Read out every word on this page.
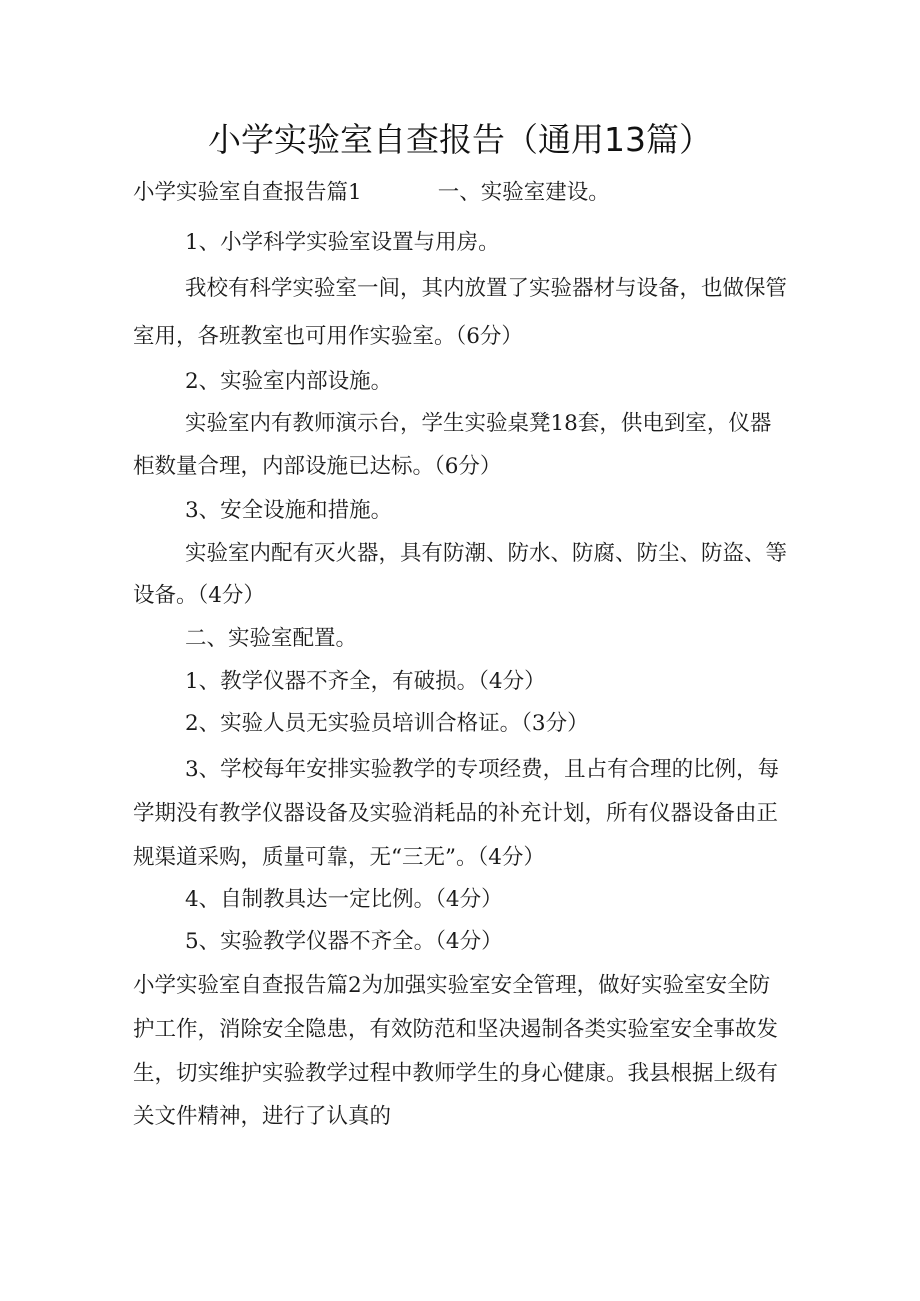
小学实验室自查报告（通用13篇）
小学实验室自查报告篇1	一、实验室建设。
1、小学科学实验室设置与用房。
我校有科学实验室一间，其内放置了实验器材与设备，也做保管
室用，各班教室也可用作实验室。（6分）
2、实验室内部设施。
实验室内有教师演示台，学生实验桌凳18套，供电到室，仪器
柜数量合理，内部设施已达标。（6分）
3、安全设施和措施。
实验室内配有灭火器，具有防潮、防水、防腐、防尘、防盗、等
设备。（4分）
二、实验室配置。
1、教学仪器不齐全，有破损。（4分）
2、实验人员无实验员培训合格证。（3分）
3、学校每年安排实验教学的专项经费，且占有合理的比例，每
学期没有教学仪器设备及实验消耗品的补充计划，所有仪器设备由正
规渠道采购，质量可靠，无“三无”。（4分）
4、自制教具达一定比例。（4分）
5、实验教学仪器不齐全。（4分）
小学实验室自查报告篇2为加强实验室安全管理，做好实验室安全防
护工作，消除安全隐患，有效防范和坚决遏制各类实验室安全事故发
生，切实维护实验教学过程中教师学生的身心健康。我县根据上级有
关文件精神，进行了认真的
